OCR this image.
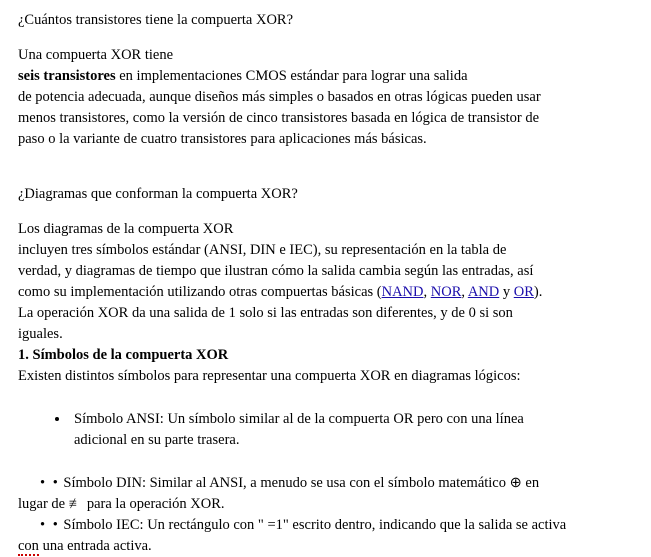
¿Cuántos transistores tiene la compuerta XOR?

Una compuerta XOR tiene

seis transistores en implementaciones CMOS estándar para lograr una salida

de potencia adecuada, aunque diseños más simples o basados en otras lógicas pueden usar

menos transistores, como la versión de cinco transistores basada en lógica de transistor de

paso o la variante de cuatro transistores para aplicaciones más básicas.

¿Diagramas que conforman la compuerta XOR?

Los diagramas de la compuerta XOR

incluyen tres símbolos estándar (ANSI, DIN e IEC), su representación en la tabla de

verdad, y diagramas de tiempo que ilustran cómo la salida cambia según las entradas, así

como su implementación utilizando otras compuertas básicas (NAND, NOR, AND y OR).

La operación XOR da una salida de 1 solo si las entradas son diferentes, y de 0 si son

iguales.

1. Símbolos de la compuerta XOR

Existen distintos símbolos para representar una compuerta XOR en diagramas lógicos:

• Símbolo ANSI: Un símbolo similar al de la compuerta OR pero con una línea
adicional en su parte trasera.
• • Símbolo DIN: Similar al ANSI, a menudo se usa con el símbolo matemático ⊕ en
lugar de ≢ para la operación XOR.
• • Símbolo IEC: Un rectángulo con " =1" escrito dentro, indicando que la salida se activa
con una entrada activa.
